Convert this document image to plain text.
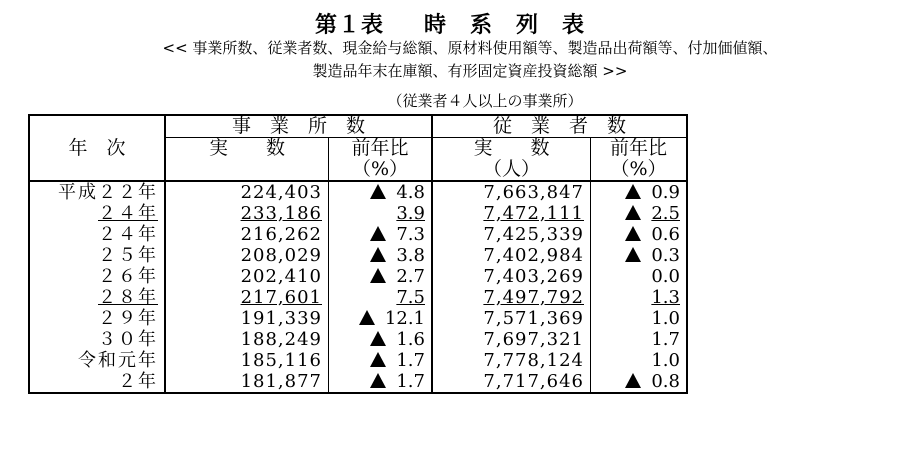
第１表 時　系　列　表
<< 事業所数、従業者数、現金給与総額、原材料使用額等、製造品出荷額等、付加価値額、
製造品年末在庫額、有形固定資産投資総額 >>
（従業者４人以上の事業所）
年　次	事　業　所　数		従　業　者　数	
	実　　数	前年比	実　　数	前年比
		（%）	（人）	（%）
平成２２年	224,403	4.8	7,663,847	0.9
２４年	233,186	3.9	7,472,111	2.5
２４年	216,262	7.3	7,425,339	0.6
２５年	208,029	3.8	7,402,984	0.3
２６年	202,410	2.7	7,403,269	0.0
２８年	217,601	7.5	7,497,792	1.3
２９年	191,339	12.1	7,571,369	1.0
３０年	188,249	1.6	7,697,321	1.7
令和元年	185,116	1.7	7,778,124	1.0
２年	181,877	1.7	7,717,646	0.8
